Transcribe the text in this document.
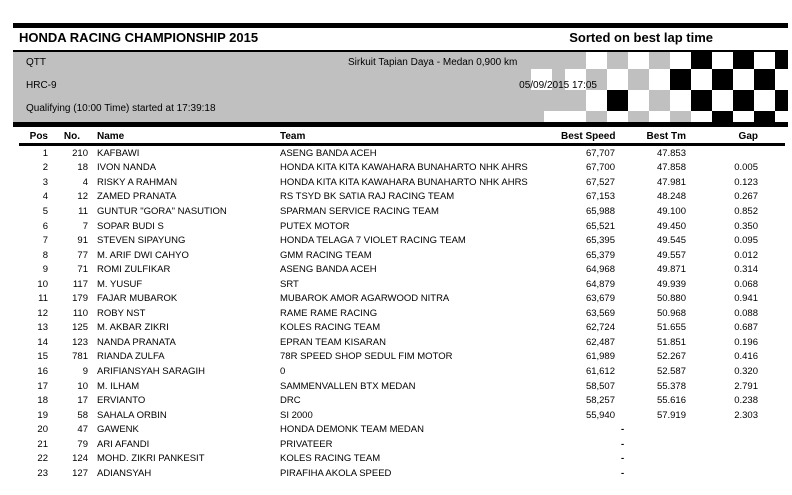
HONDA RACING CHAMPIONSHIP 2015	Sorted on best lap time
QTT	Sirkuit Tapian Daya - Medan 0,900 km
HRC-9	05/09/2015 17:05
Qualifying (10:00 Time) started at 17:39:18
Pos	No.	Name	Team	Best Speed	Best Tm	Gap
1	210 KAFBAWI	ASENG BANDA ACEH	67,707	47.853
2	18 IVON NANDA	HONDA KITA KITA KAWAHARA BUNAHARTO NHK AHRS	67,700	47.858	0.005
3	4 RISKY A RAHMAN	HONDA KITA KITA KAWAHARA BUNAHARTO NHK AHRS	67,527	47.981	0.123
4	12 ZAMED PRANATA	RS TSYD BK SATIA RAJ RACING TEAM	67,153	48.248	0.267
5	11 GUNTUR "GORA" NASUTION	SPARMAN SERVICE RACING TEAM	65,988	49.100	0.852
6	7 SOPAR BUDI S	PUTEX MOTOR	65,521	49.450	0.350
7	91 STEVEN SIPAYUNG	HONDA TELAGA 7 VIOLET RACING TEAM	65,395	49.545	0.095
8	77 M. ARIF DWI CAHYO	GMM RACING TEAM	65,379	49.557	0.012
9	71 ROMI ZULFIKAR	ASENG BANDA ACEH	64,968	49.871	0.314
10	117 M. YUSUF	SRT	64,879	49.939	0.068
11	179 FAJAR MUBAROK	MUBAROK AMOR AGARWOOD NITRA	63,679	50.880	0.941
12	110 ROBY NST	RAME RAME RACING	63,569	50.968	0.088
13	125 M. AKBAR ZIKRI	KOLES RACING TEAM	62,724	51.655	0.687
14	123 NANDA PRANATA	EPRAN TEAM KISARAN	62,487	51.851	0.196
15	781 RIANDA ZULFA	78R SPEED SHOP SEDUL FIM MOTOR	61,989	52.267	0.416
16	9 ARIFIANSYAH SARAGIH	0	61,612	52.587	0.320
17	10 M. ILHAM	SAMMENVALLEN BTX MEDAN	58,507	55.378	2.791
18	17 ERVIANTO	DRC	58,257	55.616	0.238
19	58 SAHALA ORBIN	SI 2000	55,940	57.919	2.303
20	47 GAWENK	HONDA DEMONK TEAM MEDAN	-
21	79 ARI AFANDI	PRIVATEER	-
22	124 MOHD. ZIKRI PANKESIT	KOLES RACING TEAM	-
23	127 ADIANSYAH	PIRAFIHA AKOLA SPEED	-
